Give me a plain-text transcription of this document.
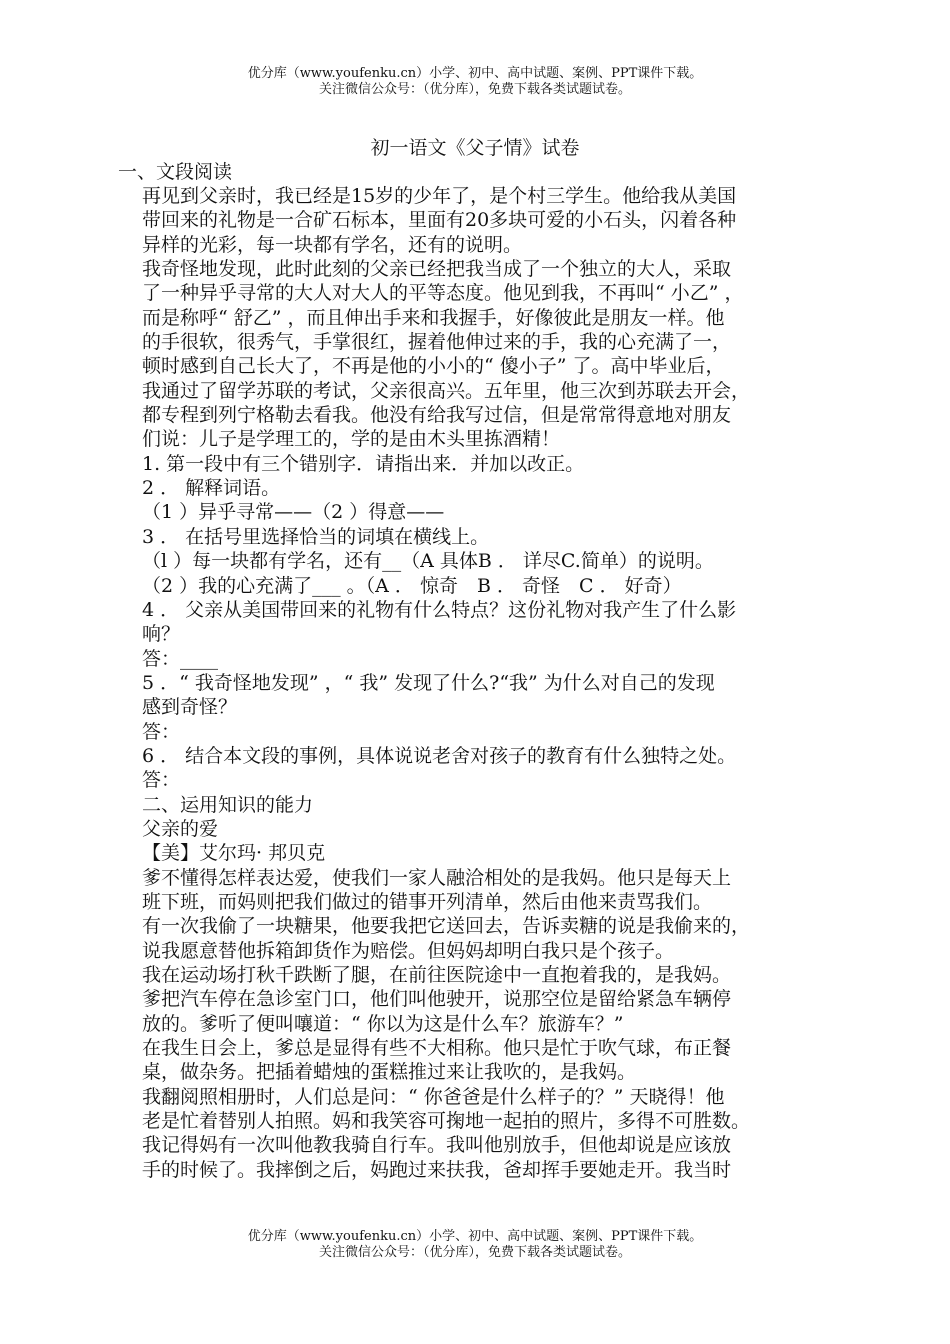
优分库（www.youfenku.cn）小学、初中、高中试题、案例、PPT课件下载。
关注微信公众号：（优分库），免费下载各类试题试卷。
初一语文《父子情》试卷
一、文段阅读
再见到父亲时，我已经是15岁的少年了，是个村三学生。他给我从美国
带回来的礼物是一合矿石标本，里面有20多块可爱的小石头，闪着各种
异样的光彩，每一块都有学名，还有的说明。
我奇怪地发现，此时此刻的父亲已经把我当成了一个独立的大人，采取
了一种异乎寻常的大人对大人的平等态度。他见到我，不再叫“ 小乙” ，
而是称呼“ 舒乙” ，而且伸出手来和我握手，好像彼此是朋友一样。他
的手很软，很秀气，手掌很红，握着他伸过来的手，我的心充满了一，
顿时感到自己长大了，不再是他的小小的“ 傻小子” 了。高中毕业后，
我通过了留学苏联的考试，父亲很高兴。五年里，他三次到苏联去开会，
都专程到列宁格勒去看我。他没有给我写过信，但是常常得意地对朋友
们说：儿子是学理工的，学的是由木头里拣酒精！
1. 第一段中有三个错别字．请指出来．并加以改正。
2 ． 解释词语。
（1 ）异乎寻常——（2 ）得意——
3 ． 在括号里选择恰当的词填在横线上。
（l ）每一块都有学名，还有__（A 具体B ． 详尽C.简单）的说明。
（2 ）我的心充满了___ 。（A ． 惊奇　B ． 奇怪　C ． 好奇）
4 ． 父亲从美国带回来的礼物有什么特点？这份礼物对我产生了什么影
响？
答：____
5 ．“ 我奇怪地发现” ，“ 我” 发现了什么?“我” 为什么对自己的发现
感到奇怪？
答：
6 ． 结合本文段的事例，具体说说老舍对孩子的教育有什么独特之处。
答：
二、运用知识的能力
父亲的爱
【美】艾尔玛· 邦贝克
爹不懂得怎样表达爱，使我们一家人融洽相处的是我妈。他只是每天上
班下班，而妈则把我们做过的错事开列清单，然后由他来责骂我们。
有一次我偷了一块糖果，他要我把它送回去，告诉卖糖的说是我偷来的，
说我愿意替他拆箱卸货作为赔偿。但妈妈却明白我只是个孩子。
我在运动场打秋千跌断了腿，在前往医院途中一直抱着我的，是我妈。
爹把汽车停在急诊室门口，他们叫他驶开，说那空位是留给紧急车辆停
放的。爹听了便叫嚷道：“ 你以为这是什么车？旅游车？”
在我生日会上，爹总是显得有些不大相称。他只是忙于吹气球，布正餐
桌，做杂务。把插着蜡烛的蛋糕推过来让我吹的，是我妈。
我翻阅照相册时，人们总是问：“ 你爸爸是什么样子的？” 天晓得！他
老是忙着替别人拍照。妈和我笑容可掬地一起拍的照片，多得不可胜数。
我记得妈有一次叫他教我骑自行车。我叫他别放手，但他却说是应该放
手的时候了。我摔倒之后，妈跑过来扶我，爸却挥手要她走开。我当时
优分库（www.youfenku.cn）小学、初中、高中试题、案例、PPT课件下载。
关注微信公众号：（优分库），免费下载各类试题试卷。
